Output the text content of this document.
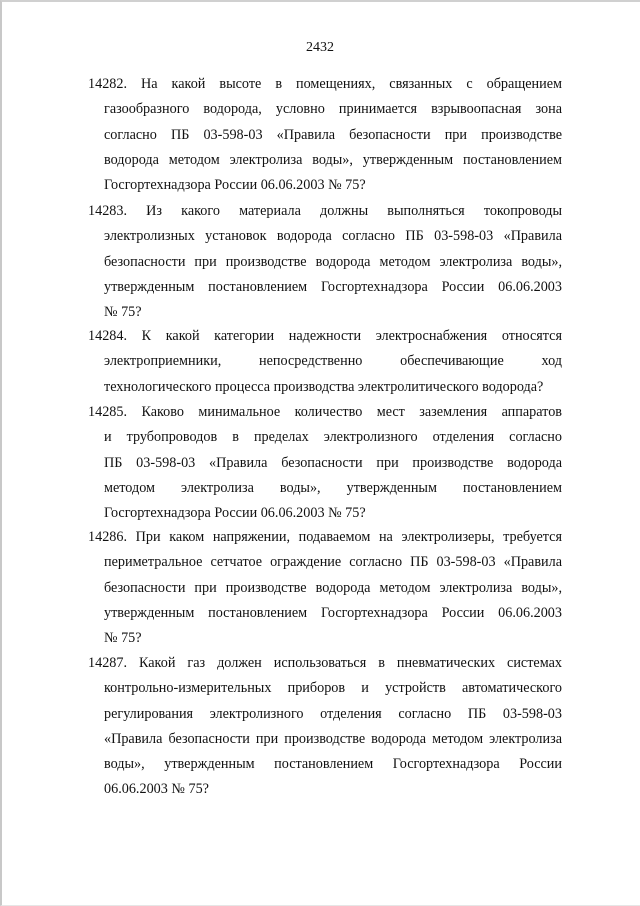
2432
14282. На какой высоте в помещениях, связанных с обращением
газообразного водорода, условно принимается взрывоопасная зона
согласно ПБ 03-598-03 «Правила безопасности при производстве
водорода методом электролиза воды», утвержденным постановлением
Госгортехнадзора России 06.06.2003 № 75?
14283. Из какого материала должны выполняться токопроводы
электролизных установок водорода согласно ПБ 03-598-03 «Правила
безопасности при производстве водорода методом электролиза воды»,
утвержденным постановлением Госгортехнадзора России 06.06.2003
№ 75?
14284. К какой категории надежности электроснабжения относятся
электроприемники, непосредственно обеспечивающие ход
технологического процесса производства электролитического водорода?
14285. Каково минимальное количество мест заземления аппаратов
и трубопроводов в пределах электролизного отделения согласно
ПБ 03-598-03 «Правила безопасности при производстве водорода
методом электролиза воды», утвержденным постановлением
Госгортехнадзора России 06.06.2003 № 75?
14286. При каком напряжении, подаваемом на электролизеры, требуется
периметральное сетчатое ограждение согласно ПБ 03-598-03 «Правила
безопасности при производстве водорода методом электролиза воды»,
утвержденным постановлением Госгортехнадзора России 06.06.2003
№ 75?
14287. Какой газ должен использоваться в пневматических системах
контрольно-измерительных приборов и устройств автоматического
регулирования электролизного отделения согласно ПБ 03-598-03
«Правила безопасности при производстве водорода методом электролиза
воды», утвержденным постановлением Госгортехнадзора России
06.06.2003 № 75?
